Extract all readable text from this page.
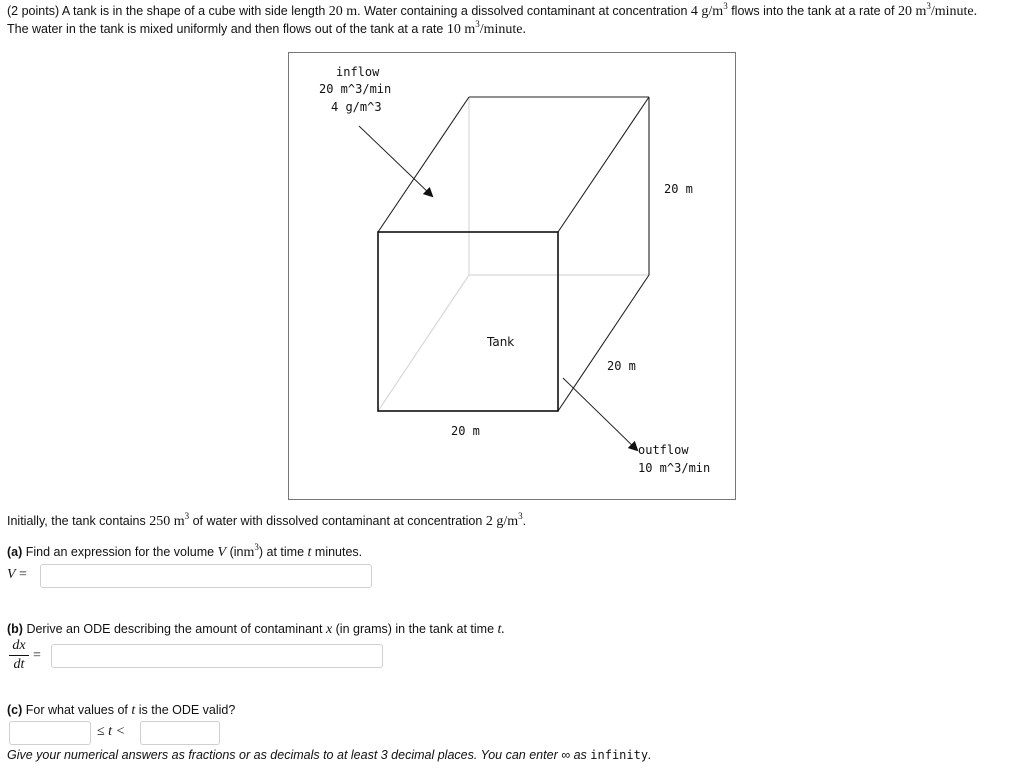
(2 points) A tank is in the shape of a cube with side length 20 m. Water containing a dissolved contaminant at concentration 4 $g/m^3$ flows into the tank at a rate of 20 $m^3$/minute.
The water in the tank is mixed uniformly and then flows out of the tank at a rate 10 $m^3$/minute.
inflow
20 m^3/min
4 g/m^3
20 m
Tank
20 m
20 m
outflow
10 m^3/min
Initially, the tank contains 250 $m^3$ of water with dissolved contaminant at concentration 2 $g/m^3$.
(a) Find an expression for the volume V (inm$^3$) at time t minutes.
V =
(b) Derive an ODE describing the amount of contaminant x (in grams) in the tank at time t.
dx
dt
=
(c) For what values of t is the ODE valid?
≤ t <
Give your numerical answers as fractions or as decimals to at least 3 decimal places. You can enter ∞ as infinity.
